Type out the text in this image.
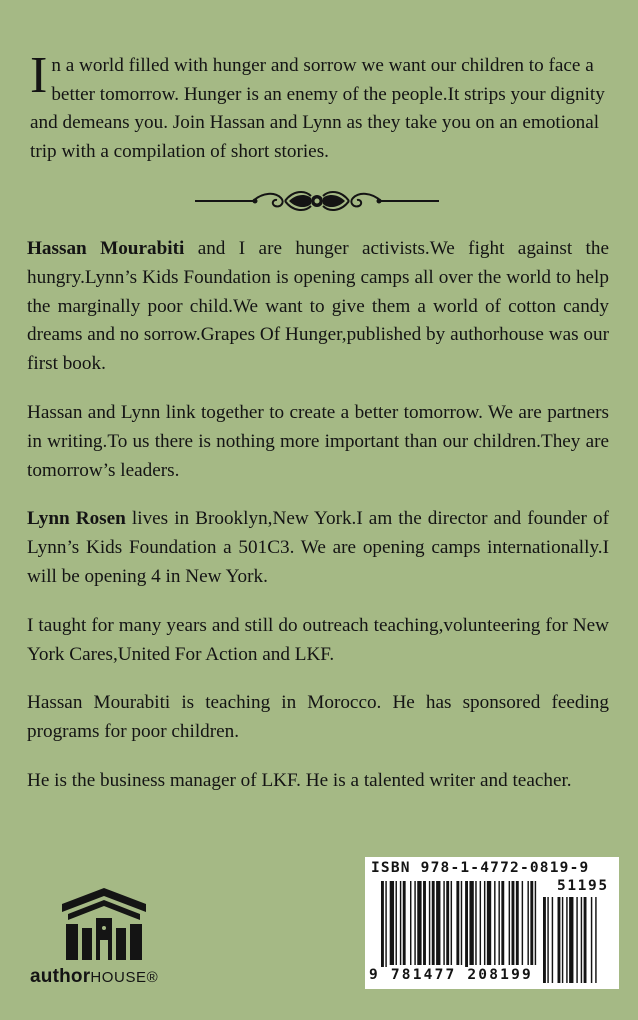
In a world filled with hunger and sorrow we want our children to face a better tomorrow. Hunger is an enemy of the people.It strips your dignity and demeans you. Join Hassan and Lynn as they take you on an emotional trip with a compilation of short stories.

Hassan Mourabiti and I are hunger activists.We fight against the hungry.Lynn’s Kids Foundation is opening camps all over the world to help the marginally poor child.We want to give them a world of cotton candy dreams and no sorrow.Grapes Of Hunger,published by authorhouse was our first book.

Hassan and Lynn link together to create a better tomorrow. We are partners in writing.To us there is nothing more important than our children.They are tomorrow’s leaders.

Lynn Rosen lives in Brooklyn,New York.I am the director and founder of Lynn’s Kids Foundation a 501C3. We are opening camps internationally.I will be opening 4 in New York.

I taught for many years and still do outreach teaching,volunteering for New York Cares,United For Action and LKF.

Hassan Mourabiti is teaching in Morocco. He has sponsored feeding programs for poor children.

He is the business manager of LKF. He is a talented writer and teacher.

authorHOUSE®
ISBN 978-1-4772-0819-9
51195
9 781477 208199
